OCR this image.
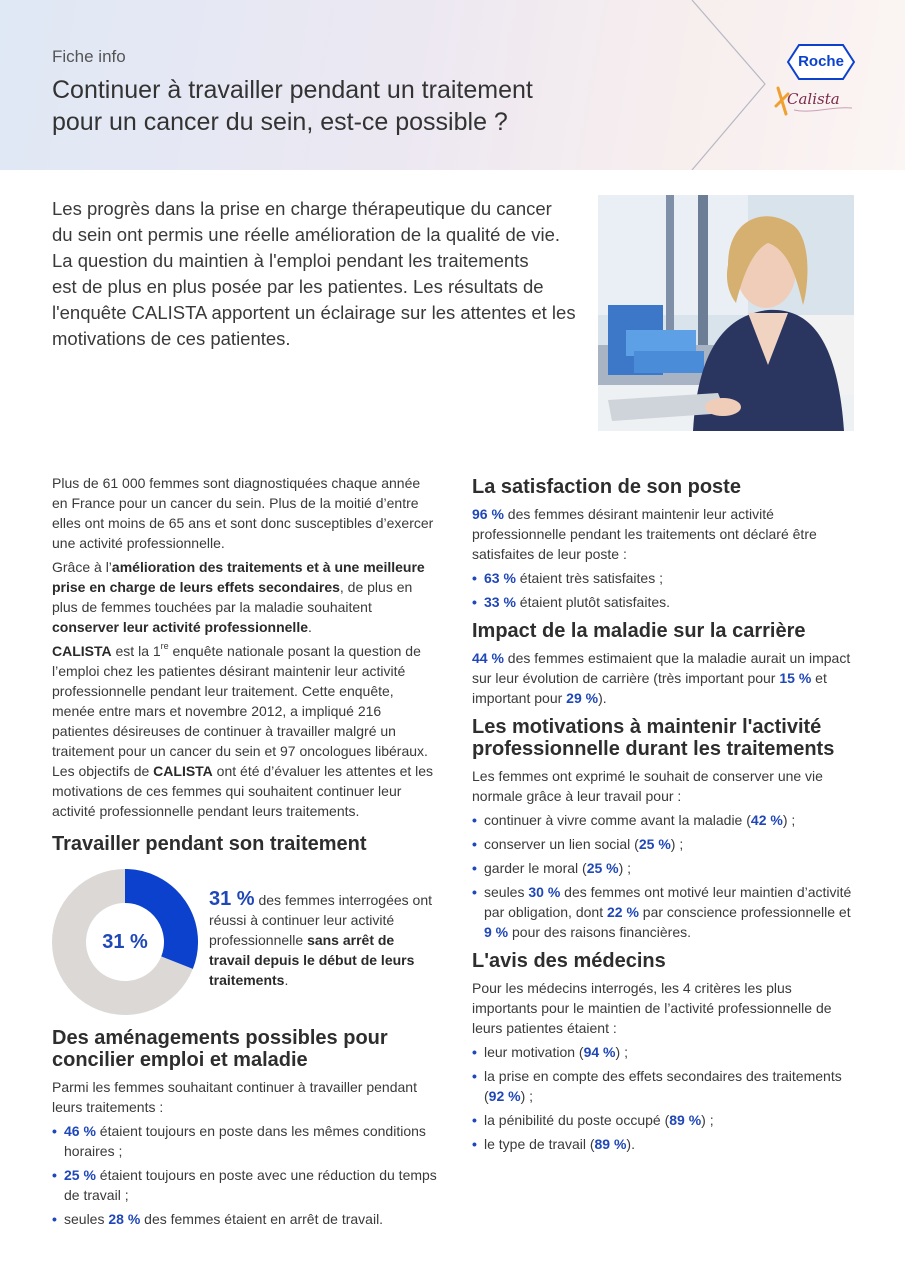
Fiche info
Continuer à travailler pendant un traitement
pour un cancer du sein, est-ce possible ?
Roche
Calista
Les progrès dans la prise en charge thérapeutique du cancer
du sein ont permis une réelle amélioration de la qualité de vie.
La question du maintien à l'emploi pendant les traitements
est de plus en plus posée par les patientes. Les résultats de
l'enquête CALISTA apportent un éclairage sur les attentes et les
motivations de ces patientes.

Plus de 61 000 femmes sont diagnostiquées chaque année en France pour un cancer du sein. Plus de la moitié d’entre elles ont moins de 65 ans et sont donc susceptibles d’exercer une activité professionnelle.

Grâce à l’amélioration des traitements et à une meilleure prise en charge de leurs effets secondaires, de plus en plus de femmes touchées par la maladie souhaitent conserver leur activité professionnelle.

CALISTA est la 1re enquête nationale posant la question de l’emploi chez les patientes désirant maintenir leur activité professionnelle pendant leur traitement. Cette enquête, menée entre mars et novembre 2012, a impliqué 216 patientes désireuses de continuer à travailler malgré un traitement pour un cancer du sein et 97 oncologues libéraux. Les objectifs de CALISTA ont été d’évaluer les attentes et les motivations de ces femmes qui souhaitent continuer leur activité professionnelle pendant leurs traitements.

Travailler pendant son traitement
31 %
31 % des femmes interrogées ont réussi à continuer leur activité professionnelle sans arrêt de travail depuis le début de leurs traitements.
Des aménagements possibles pour concilier emploi et maladie

Parmi les femmes souhaitant continuer à travailler pendant leurs traitements :

• 46 % étaient toujours en poste dans les mêmes conditions horaires ;
• 25 % étaient toujours en poste avec une réduction du temps de travail ;
• seules 28 % des femmes étaient en arrêt de travail.
La satisfaction de son poste

96 % des femmes désirant maintenir leur activité professionnelle pendant les traitements ont déclaré être satisfaites de leur poste :

• 63 % étaient très satisfaites ;
• 33 % étaient plutôt satisfaites.
Impact de la maladie sur la carrière

44 % des femmes estimaient que la maladie aurait un impact sur leur évolution de carrière (très important pour 15 % et important pour 29 %).

Les motivations à maintenir l'activité professionnelle durant les traitements

Les femmes ont exprimé le souhait de conserver une vie normale grâce à leur travail pour :

• continuer à vivre comme avant la maladie (42 %) ;
• conserver un lien social (25 %) ;
• garder le moral (25 %) ;
• seules 30 % des femmes ont motivé leur maintien d’activité par obligation, dont 22 % par conscience professionnelle et 9 % pour des raisons financières.
L'avis des médecins

Pour les médecins interrogés, les 4 critères les plus importants pour le maintien de l’activité professionnelle de leurs patientes étaient :

• leur motivation (94 %) ;
• la prise en compte des effets secondaires des traitements (92 %) ;
• la pénibilité du poste occupé (89 %) ;
• le type de travail (89 %).
